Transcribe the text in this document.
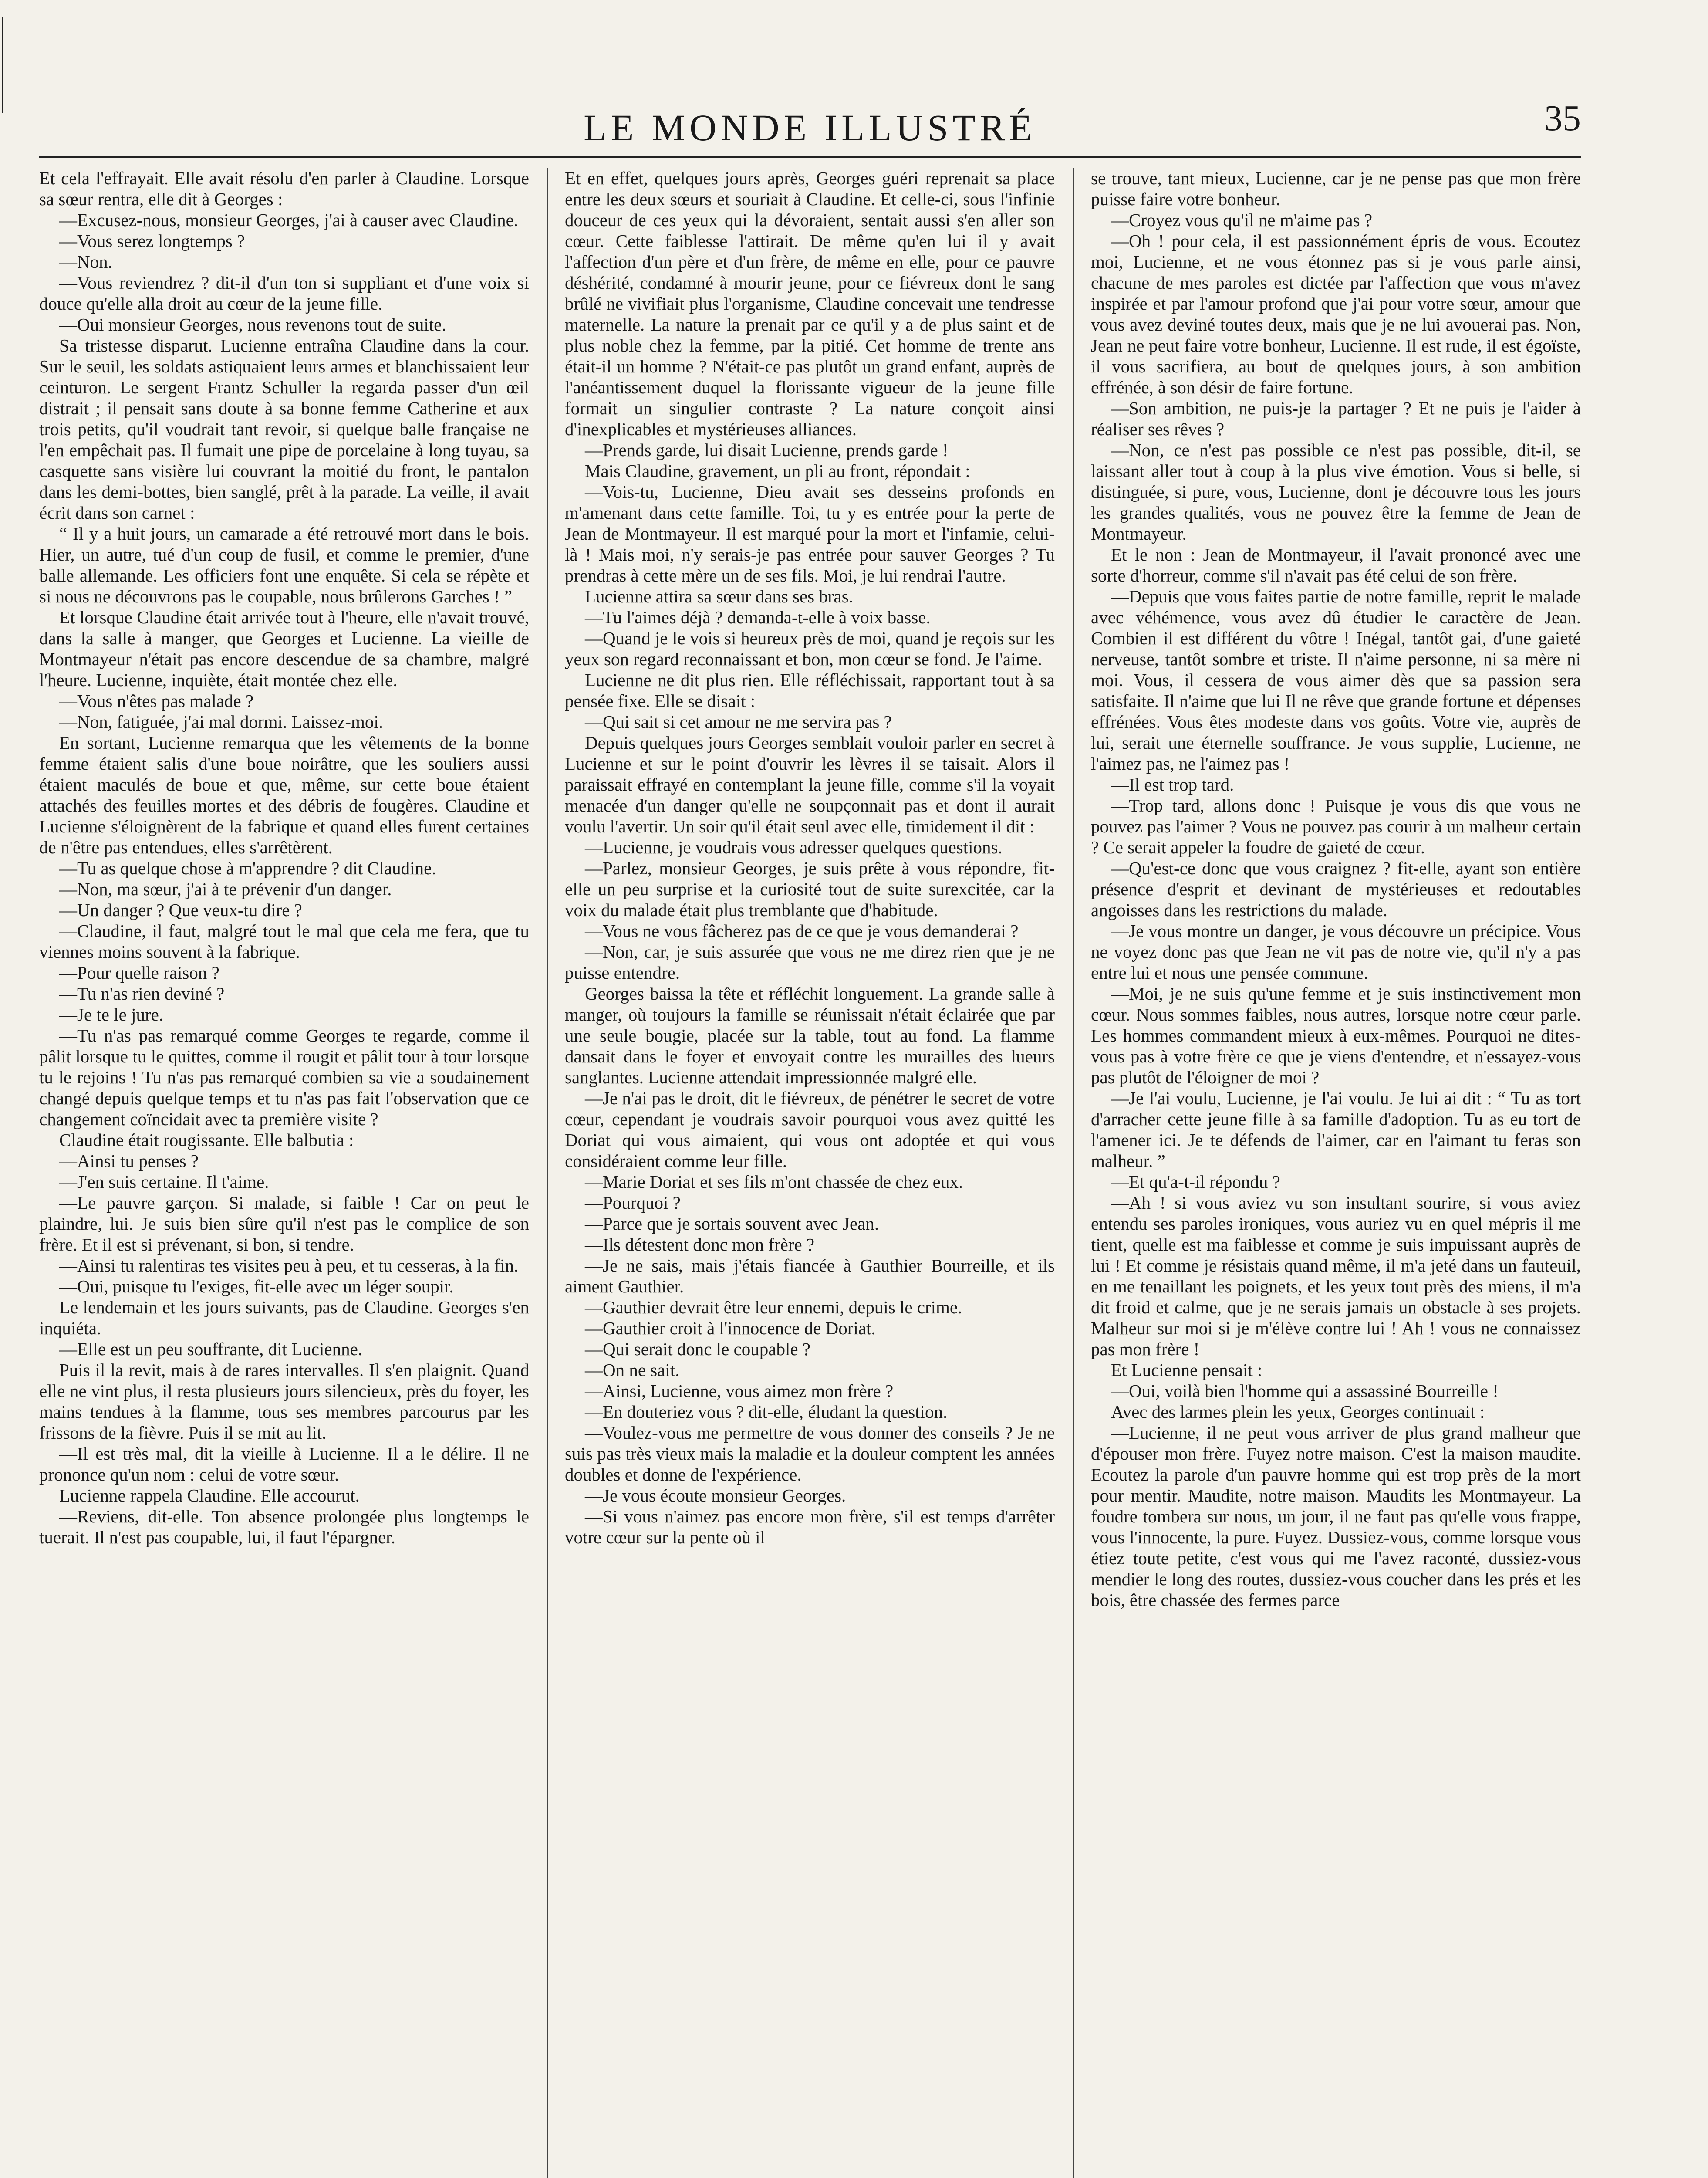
LE MONDE ILLUSTRÉ	35

Et cela l'effrayait. Elle avait résolu d'en parler à Claudine. Lorsque sa sœur rentra, elle dit à Georges :

—Excusez-nous, monsieur Georges, j'ai à causer avec Claudine.

—Vous serez longtemps ?

—Non.

—Vous reviendrez ? dit-il d'un ton si suppliant et d'une voix si douce qu'elle alla droit au cœur de la jeune fille.

—Oui monsieur Georges, nous revenons tout de suite.

Sa tristesse disparut. Lucienne entraîna Claudine dans la cour. Sur le seuil, les soldats astiquaient leurs armes et blanchissaient leur ceinturon. Le sergent Frantz Schuller la regarda passer d'un œil distrait ; il pensait sans doute à sa bonne femme Catherine et aux trois petits, qu'il voudrait tant revoir, si quelque balle française ne l'en empêchait pas. Il fumait une pipe de porcelaine à long tuyau, sa casquette sans visière lui couvrant la moitié du front, le pantalon dans les demi-bottes, bien sanglé, prêt à la parade. La veille, il avait écrit dans son carnet :

“ Il y a huit jours, un camarade a été retrouvé mort dans le bois. Hier, un autre, tué d'un coup de fusil, et comme le premier, d'une balle allemande. Les officiers font une enquête. Si cela se répète et si nous ne découvrons pas le coupable, nous brûlerons Garches ! ”

Et lorsque Claudine était arrivée tout à l'heure, elle n'avait trouvé, dans la salle à manger, que Georges et Lucienne. La vieille de Montmayeur n'était pas encore descendue de sa chambre, malgré l'heure. Lucienne, inquiète, était montée chez elle.

—Vous n'êtes pas malade ?

—Non, fatiguée, j'ai mal dormi. Laissez-moi.

En sortant, Lucienne remarqua que les vêtements de la bonne femme étaient salis d'une boue noirâtre, que les souliers aussi étaient maculés de boue et que, même, sur cette boue étaient attachés des feuilles mortes et des débris de fougères. Claudine et Lucienne s'éloignèrent de la fabrique et quand elles furent certaines de n'être pas entendues, elles s'arrêtèrent.

—Tu as quelque chose à m'apprendre ? dit Claudine.

—Non, ma sœur, j'ai à te prévenir d'un danger.

—Un danger ? Que veux-tu dire ?

—Claudine, il faut, malgré tout le mal que cela me fera, que tu viennes moins souvent à la fabrique.

—Pour quelle raison ?

—Tu n'as rien deviné ?

—Je te le jure.

—Tu n'as pas remarqué comme Georges te regarde, comme il pâlit lorsque tu le quittes, comme il rougit et pâlit tour à tour lorsque tu le rejoins ! Tu n'as pas remarqué combien sa vie a soudainement changé depuis quelque temps et tu n'as pas fait l'observation que ce changement coïncidait avec ta première visite ?

Claudine était rougissante. Elle balbutia :

—Ainsi tu penses ?

—J'en suis certaine. Il t'aime.

—Le pauvre garçon. Si malade, si faible ! Car on peut le plaindre, lui. Je suis bien sûre qu'il n'est pas le complice de son frère. Et il est si prévenant, si bon, si tendre.

—Ainsi tu ralentiras tes visites peu à peu, et tu cesseras, à la fin.

—Oui, puisque tu l'exiges, fit-elle avec un léger soupir.

Le lendemain et les jours suivants, pas de Claudine. Georges s'en inquiéta.

—Elle est un peu souffrante, dit Lucienne.

Puis il la revit, mais à de rares intervalles. Il s'en plaignit. Quand elle ne vint plus, il resta plusieurs jours silencieux, près du foyer, les mains tendues à la flamme, tous ses membres parcourus par les frissons de la fièvre. Puis il se mit au lit.

—Il est très mal, dit la vieille à Lucienne. Il a le délire. Il ne prononce qu'un nom : celui de votre sœur.

Lucienne rappela Claudine. Elle accourut.

—Reviens, dit-elle. Ton absence prolongée plus longtemps le tuerait. Il n'est pas coupable, lui, il faut l'épargner.

Et en effet, quelques jours après, Georges guéri reprenait sa place entre les deux sœurs et souriait à Claudine. Et celle-ci, sous l'infinie douceur de ces yeux qui la dévoraient, sentait aussi s'en aller son cœur. Cette faiblesse l'attirait. De même qu'en lui il y avait l'affection d'un père et d'un frère, de même en elle, pour ce pauvre déshérité, condamné à mourir jeune, pour ce fiévreux dont le sang brûlé ne vivifiait plus l'organisme, Claudine concevait une tendresse maternelle. La nature la prenait par ce qu'il y a de plus saint et de plus noble chez la femme, par la pitié. Cet homme de trente ans était-il un homme ? N'était-ce pas plutôt un grand enfant, auprès de l'anéantissement duquel la florissante vigueur de la jeune fille formait un singulier contraste ? La nature conçoit ainsi d'inexplicables et mystérieuses alliances.

—Prends garde, lui disait Lucienne, prends garde !

Mais Claudine, gravement, un pli au front, répondait :

—Vois-tu, Lucienne, Dieu avait ses desseins profonds en m'amenant dans cette famille. Toi, tu y es entrée pour la perte de Jean de Montmayeur. Il est marqué pour la mort et l'infamie, celui-là ! Mais moi, n'y serais-je pas entrée pour sauver Georges ? Tu prendras à cette mère un de ses fils. Moi, je lui rendrai l'autre.

Lucienne attira sa sœur dans ses bras.

—Tu l'aimes déjà ? demanda-t-elle à voix basse.

—Quand je le vois si heureux près de moi, quand je reçois sur les yeux son regard reconnaissant et bon, mon cœur se fond. Je l'aime.

Lucienne ne dit plus rien. Elle réfléchissait, rapportant tout à sa pensée fixe. Elle se disait :

—Qui sait si cet amour ne me servira pas ?

Depuis quelques jours Georges semblait vouloir parler en secret à Lucienne et sur le point d'ouvrir les lèvres il se taisait. Alors il paraissait effrayé en contemplant la jeune fille, comme s'il la voyait menacée d'un danger qu'elle ne soupçonnait pas et dont il aurait voulu l'avertir. Un soir qu'il était seul avec elle, timidement il dit :

—Lucienne, je voudrais vous adresser quelques questions.

—Parlez, monsieur Georges, je suis prête à vous répondre, fit-elle un peu surprise et la curiosité tout de suite surexcitée, car la voix du malade était plus tremblante que d'habitude.

—Vous ne vous fâcherez pas de ce que je vous demanderai ?

—Non, car, je suis assurée que vous ne me direz rien que je ne puisse entendre.

Georges baissa la tête et réfléchit longuement. La grande salle à manger, où toujours la famille se réunissait n'était éclairée que par une seule bougie, placée sur la table, tout au fond. La flamme dansait dans le foyer et envoyait contre les murailles des lueurs sanglantes. Lucienne attendait impressionnée malgré elle.

—Je n'ai pas le droit, dit le fiévreux, de pénétrer le secret de votre cœur, cependant je voudrais savoir pourquoi vous avez quitté les Doriat qui vous aimaient, qui vous ont adoptée et qui vous considéraient comme leur fille.

—Marie Doriat et ses fils m'ont chassée de chez eux.

—Pourquoi ?

—Parce que je sortais souvent avec Jean.

—Ils détestent donc mon frère ?

—Je ne sais, mais j'étais fiancée à Gauthier Bourreille, et ils aiment Gauthier.

—Gauthier devrait être leur ennemi, depuis le crime.

—Gauthier croit à l'innocence de Doriat.

—Qui serait donc le coupable ?

—On ne sait.

—Ainsi, Lucienne, vous aimez mon frère ?

—En douteriez vous ? dit-elle, éludant la question.

—Voulez-vous me permettre de vous donner des conseils ? Je ne suis pas très vieux mais la maladie et la douleur comptent les années doubles et donne de l'expérience.

—Je vous écoute monsieur Georges.

—Si vous n'aimez pas encore mon frère, s'il est temps d'arrêter votre cœur sur la pente où il

se trouve, tant mieux, Lucienne, car je ne pense pas que mon frère puisse faire votre bonheur.

—Croyez vous qu'il ne m'aime pas ?

—Oh ! pour cela, il est passionnément épris de vous. Ecoutez moi, Lucienne, et ne vous étonnez pas si je vous parle ainsi, chacune de mes paroles est dictée par l'affection que vous m'avez inspirée et par l'amour profond que j'ai pour votre sœur, amour que vous avez deviné toutes deux, mais que je ne lui avouerai pas. Non, Jean ne peut faire votre bonheur, Lucienne. Il est rude, il est égoïste, il vous sacrifiera, au bout de quelques jours, à son ambition effrénée, à son désir de faire fortune.

—Son ambition, ne puis-je la partager ? Et ne puis je l'aider à réaliser ses rêves ?

—Non, ce n'est pas possible ce n'est pas possible, dit-il, se laissant aller tout à coup à la plus vive émotion. Vous si belle, si distinguée, si pure, vous, Lucienne, dont je découvre tous les jours les grandes qualités, vous ne pouvez être la femme de Jean de Montmayeur.

Et le non : Jean de Montmayeur, il l'avait prononcé avec une sorte d'horreur, comme s'il n'avait pas été celui de son frère.

—Depuis que vous faites partie de notre famille, reprit le malade avec véhémence, vous avez dû étudier le caractère de Jean. Combien il est différent du vôtre ! Inégal, tantôt gai, d'une gaieté nerveuse, tantôt sombre et triste. Il n'aime personne, ni sa mère ni moi. Vous, il cessera de vous aimer dès que sa passion sera satisfaite. Il n'aime que lui Il ne rêve que grande fortune et dépenses effrénées. Vous êtes modeste dans vos goûts. Votre vie, auprès de lui, serait une éternelle souffrance. Je vous supplie, Lucienne, ne l'aimez pas, ne l'aimez pas !

—Il est trop tard.

—Trop tard, allons donc ! Puisque je vous dis que vous ne pouvez pas l'aimer ? Vous ne pouvez pas courir à un malheur certain ? Ce serait appeler la foudre de gaieté de cœur.

—Qu'est-ce donc que vous craignez ? fit-elle, ayant son entière présence d'esprit et devinant de mystérieuses et redoutables angoisses dans les restrictions du malade.

—Je vous montre un danger, je vous découvre un précipice. Vous ne voyez donc pas que Jean ne vit pas de notre vie, qu'il n'y a pas entre lui et nous une pensée commune.

—Moi, je ne suis qu'une femme et je suis instinctivement mon cœur. Nous sommes faibles, nous autres, lorsque notre cœur parle. Les hommes commandent mieux à eux-mêmes. Pourquoi ne dites-vous pas à votre frère ce que je viens d'entendre, et n'essayez-vous pas plutôt de l'éloigner de moi ?

—Je l'ai voulu, Lucienne, je l'ai voulu. Je lui ai dit : “ Tu as tort d'arracher cette jeune fille à sa famille d'adoption. Tu as eu tort de l'amener ici. Je te défends de l'aimer, car en l'aimant tu feras son malheur. ”

—Et qu'a-t-il répondu ?

—Ah ! si vous aviez vu son insultant sourire, si vous aviez entendu ses paroles ironiques, vous auriez vu en quel mépris il me tient, quelle est ma faiblesse et comme je suis impuissant auprès de lui ! Et comme je résistais quand même, il m'a jeté dans un fauteuil, en me tenaillant les poignets, et les yeux tout près des miens, il m'a dit froid et calme, que je ne serais jamais un obstacle à ses projets. Malheur sur moi si je m'élève contre lui ! Ah ! vous ne connaissez pas mon frère !

Et Lucienne pensait :

—Oui, voilà bien l'homme qui a assassiné Bourreille !

Avec des larmes plein les yeux, Georges continuait :

—Lucienne, il ne peut vous arriver de plus grand malheur que d'épouser mon frère. Fuyez notre maison. C'est la maison maudite. Ecoutez la parole d'un pauvre homme qui est trop près de la mort pour mentir. Maudite, notre maison. Maudits les Montmayeur. La foudre tombera sur nous, un jour, il ne faut pas qu'elle vous frappe, vous l'innocente, la pure. Fuyez. Dussiez-vous, comme lorsque vous étiez toute petite, c'est vous qui me l'avez raconté, dussiez-vous mendier le long des routes, dussiez-vous coucher dans les prés et les bois, être chassée des fermes parce
